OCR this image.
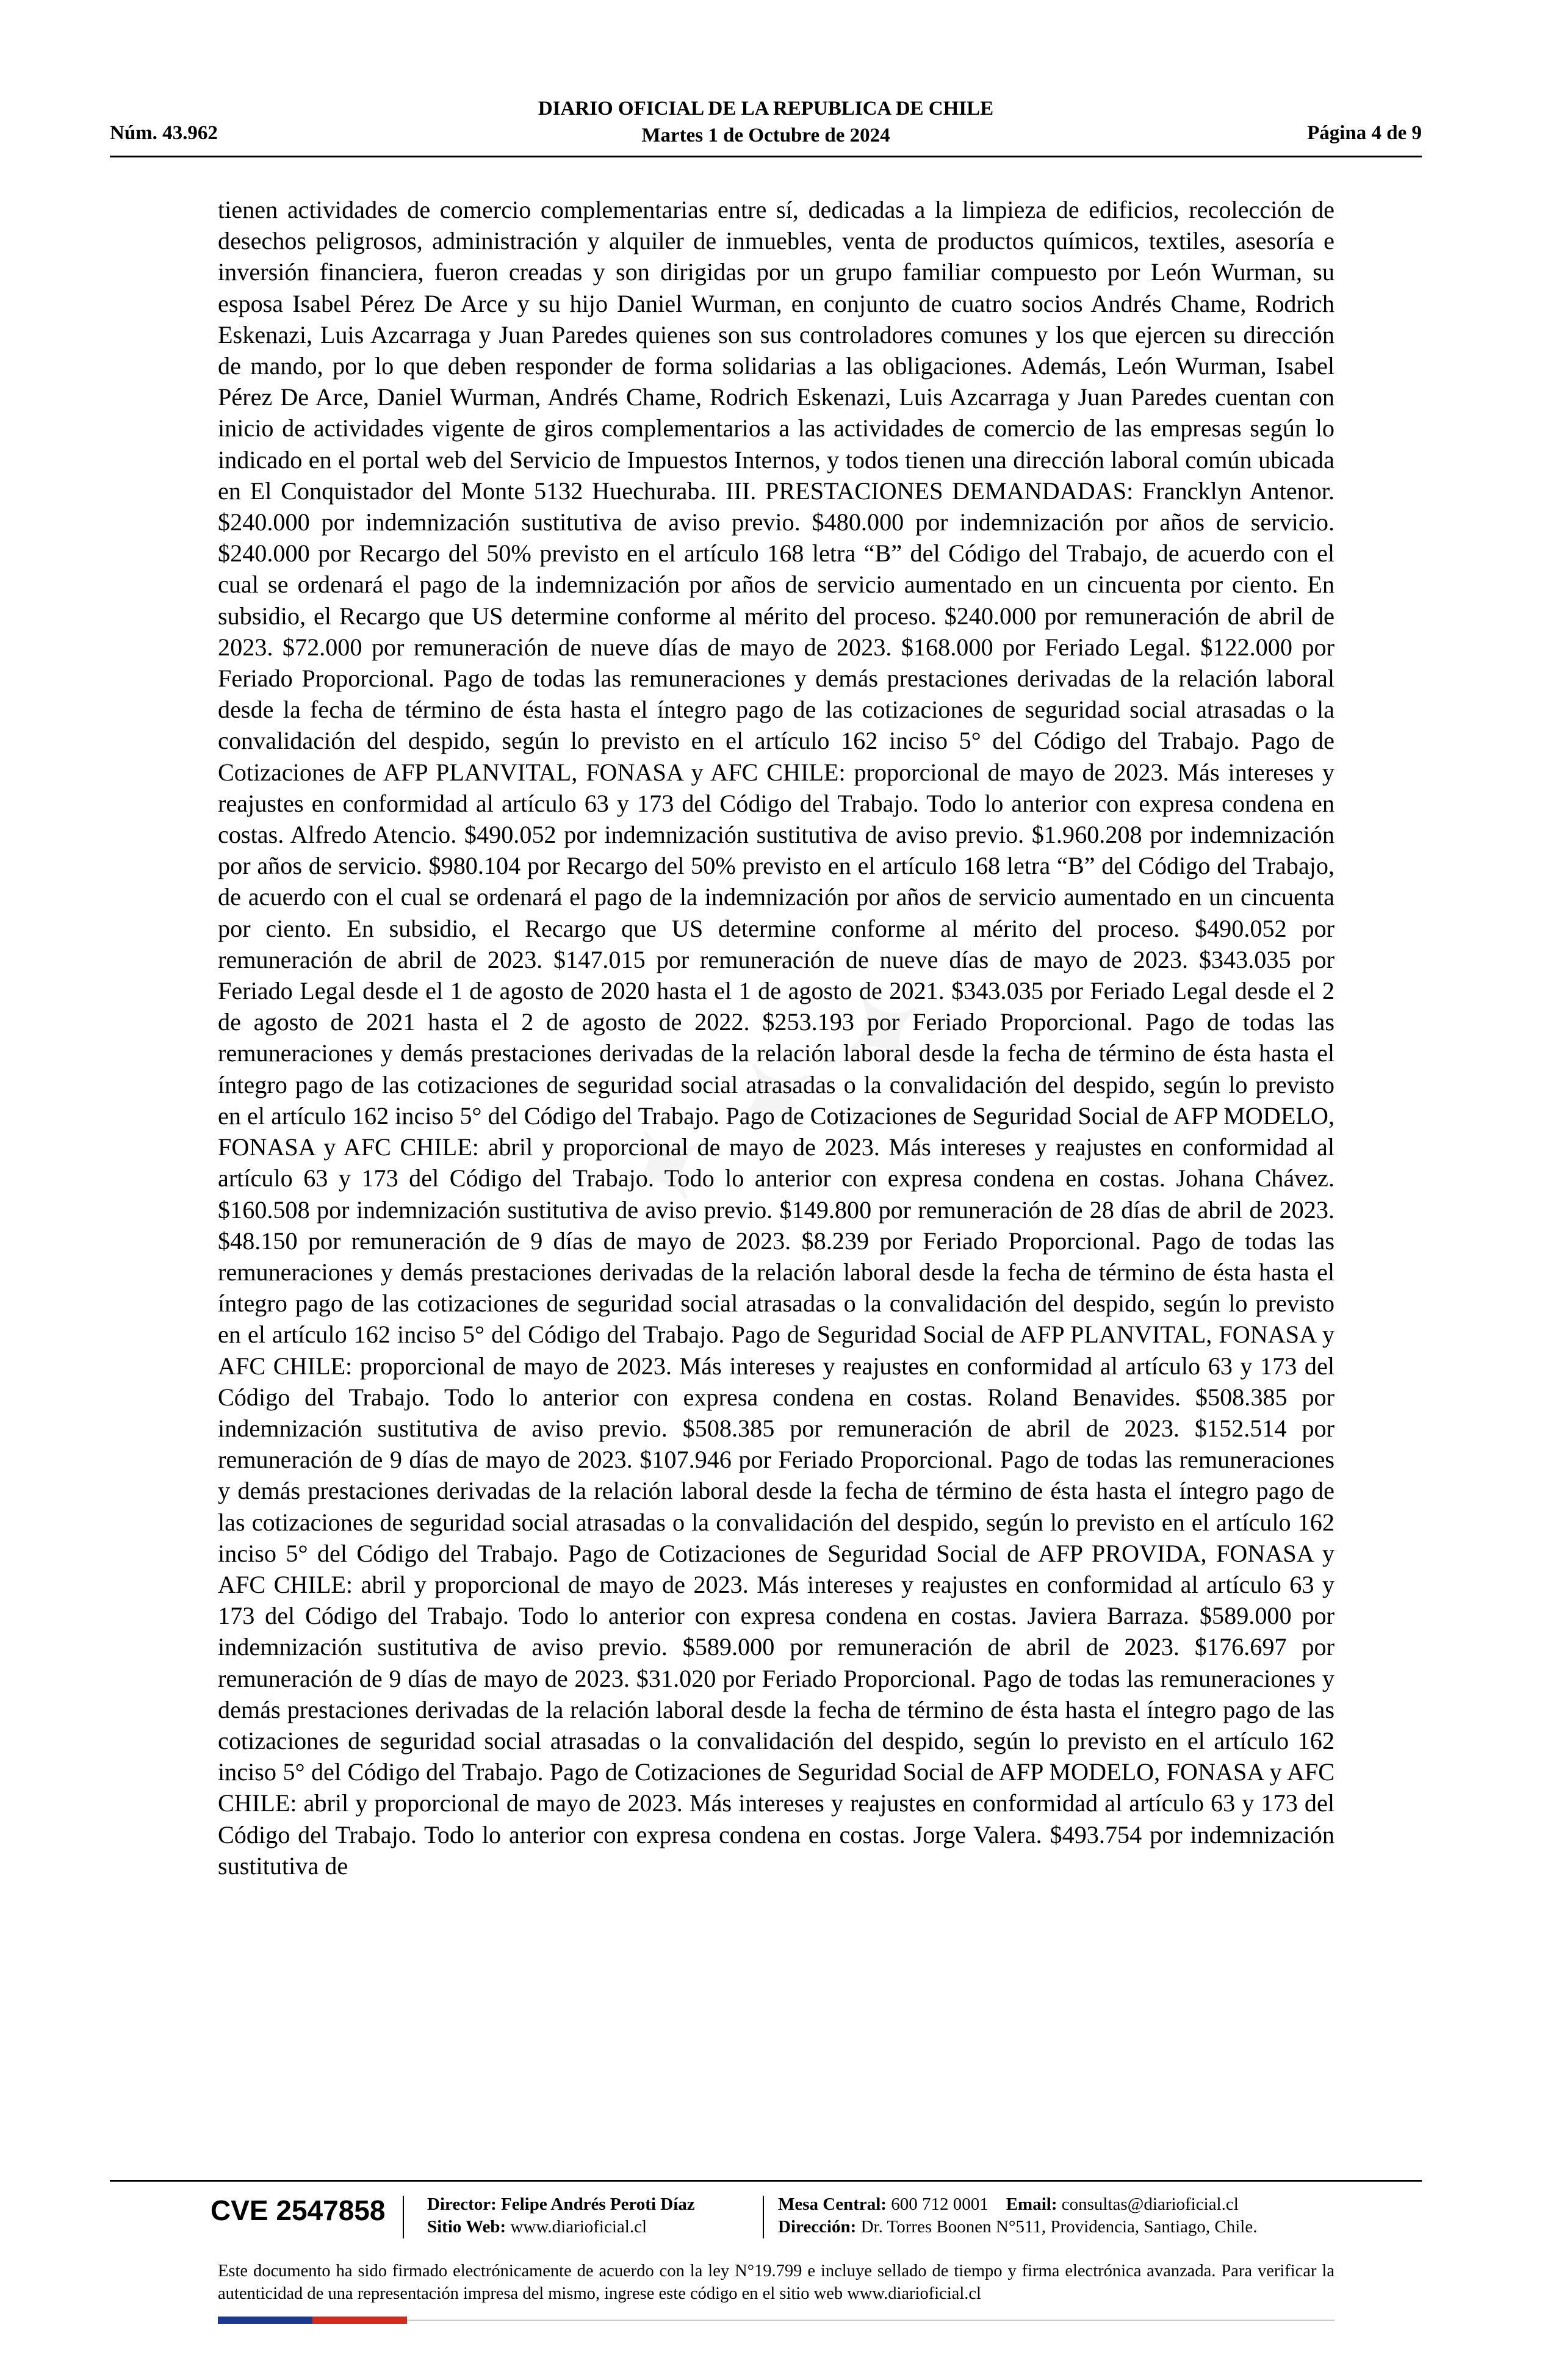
Núm. 43.962
DIARIO OFICIAL DE LA REPUBLICA DE CHILE
Martes 1 de Octubre de 2024	Página 4 de 9

tienen actividades de comercio complementarias entre sí, dedicadas a la limpieza de edificios, recolección de desechos peligrosos, administración y alquiler de inmuebles, venta de productos químicos, textiles, asesoría e inversión financiera, fueron creadas y son dirigidas por un grupo familiar compuesto por León Wurman, su esposa Isabel Pérez De Arce y su hijo Daniel Wurman, en conjunto de cuatro socios Andrés Chame, Rodrich Eskenazi, Luis Azcarraga y Juan Paredes quienes son sus controladores comunes y los que ejercen su dirección de mando, por lo que deben responder de forma solidarias a las obligaciones. Además, León Wurman, Isabel Pérez De Arce, Daniel Wurman, Andrés Chame, Rodrich Eskenazi, Luis Azcarraga y Juan Paredes cuentan con inicio de actividades vigente de giros complementarios a las actividades de comercio de las empresas según lo indicado en el portal web del Servicio de Impuestos Internos, y todos tienen una dirección laboral común ubicada en El Conquistador del Monte 5132 Huechuraba. III. PRESTACIONES DEMANDADAS: Francklyn Antenor. $240.000 por indemnización sustitutiva de aviso previo. $480.000 por indemnización por años de servicio. $240.000 por Recargo del 50% previsto en el artículo 168 letra “B” del Código del Trabajo, de acuerdo con el cual se ordenará el pago de la indemnización por años de servicio aumentado en un cincuenta por ciento. En subsidio, el Recargo que US determine conforme al mérito del proceso. $240.000 por remuneración de abril de 2023. $72.000 por remuneración de nueve días de mayo de 2023. $168.000 por Feriado Legal. $122.000 por Feriado Proporcional. Pago de todas las remuneraciones y demás prestaciones derivadas de la relación laboral desde la fecha de término de ésta hasta el íntegro pago de las cotizaciones de seguridad social atrasadas o la convalidación del despido, según lo previsto en el artículo 162 inciso 5° del Código del Trabajo. Pago de Cotizaciones de AFP PLANVITAL, FONASA y AFC CHILE: proporcional de mayo de 2023. Más intereses y reajustes en conformidad al artículo 63 y 173 del Código del Trabajo. Todo lo anterior con expresa condena en costas. Alfredo Atencio. $490.052 por indemnización sustitutiva de aviso previo. $1.960.208 por indemnización por años de servicio. $980.104 por Recargo del 50% previsto en el artículo 168 letra “B” del Código del Trabajo, de acuerdo con el cual se ordenará el pago de la indemnización por años de servicio aumentado en un cincuenta por ciento. En subsidio, el Recargo que US determine conforme al mérito del proceso. $490.052 por remuneración de abril de 2023. $147.015 por remuneración de nueve días de mayo de 2023. $343.035 por Feriado Legal desde el 1 de agosto de 2020 hasta el 1 de agosto de 2021. $343.035 por Feriado Legal desde el 2 de agosto de 2021 hasta el 2 de agosto de 2022. $253.193 por Feriado Proporcional. Pago de todas las remuneraciones y demás prestaciones derivadas de la relación laboral desde la fecha de término de ésta hasta el íntegro pago de las cotizaciones de seguridad social atrasadas o la convalidación del despido, según lo previsto en el artículo 162 inciso 5° del Código del Trabajo. Pago de Cotizaciones de Seguridad Social de AFP MODELO, FONASA y AFC CHILE: abril y proporcional de mayo de 2023. Más intereses y reajustes en conformidad al artículo 63 y 173 del Código del Trabajo. Todo lo anterior con expresa condena en costas. Johana Chávez. $160.508 por indemnización sustitutiva de aviso previo. $149.800 por remuneración de 28 días de abril de 2023. $48.150 por remuneración de 9 días de mayo de 2023. $8.239 por Feriado Proporcional. Pago de todas las remuneraciones y demás prestaciones derivadas de la relación laboral desde la fecha de término de ésta hasta el íntegro pago de las cotizaciones de seguridad social atrasadas o la convalidación del despido, según lo previsto en el artículo 162 inciso 5° del Código del Trabajo. Pago de Seguridad Social de AFP PLANVITAL, FONASA y AFC CHILE: proporcional de mayo de 2023. Más intereses y reajustes en conformidad al artículo 63 y 173 del Código del Trabajo. Todo lo anterior con expresa condena en costas. Roland Benavides. $508.385 por indemnización sustitutiva de aviso previo. $508.385 por remuneración de abril de 2023. $152.514 por remuneración de 9 días de mayo de 2023. $107.946 por Feriado Proporcional. Pago de todas las remuneraciones y demás prestaciones derivadas de la relación laboral desde la fecha de término de ésta hasta el íntegro pago de las cotizaciones de seguridad social atrasadas o la convalidación del despido, según lo previsto en el artículo 162 inciso 5° del Código del Trabajo. Pago de Cotizaciones de Seguridad Social de AFP PROVIDA, FONASA y AFC CHILE: abril y proporcional de mayo de 2023. Más intereses y reajustes en conformidad al artículo 63 y 173 del Código del Trabajo. Todo lo anterior con expresa condena en costas. Javiera Barraza. $589.000 por indemnización sustitutiva de aviso previo. $589.000 por remuneración de abril de 2023. $176.697 por remuneración de 9 días de mayo de 2023. $31.020 por Feriado Proporcional. Pago de todas las remuneraciones y demás prestaciones derivadas de la relación laboral desde la fecha de término de ésta hasta el íntegro pago de las cotizaciones de seguridad social atrasadas o la convalidación del despido, según lo previsto en el artículo 162 inciso 5° del Código del Trabajo. Pago de Cotizaciones de Seguridad Social de AFP MODELO, FONASA y AFC CHILE: abril y proporcional de mayo de 2023. Más intereses y reajustes en conformidad al artículo 63 y 173 del Código del Trabajo. Todo lo anterior con expresa condena en costas. Jorge Valera. $493.754 por indemnización sustitutiva de

CVE 2547858 Director: Felipe Andrés Peroti Díaz
Sitio Web: www.diarioficial.cl
Mesa Central: 600 712 0001 Email: consultas@diarioficial.cl
Dirección: Dr. Torres Boonen N°511, Providencia, Santiago, Chile.
Este documento ha sido firmado electrónicamente de acuerdo con la ley N°19.799 e incluye sellado de tiempo y firma electrónica avanzada. Para verificar la autenticidad de una representación impresa del mismo, ingrese este código en el sitio web www.diarioficial.cl
